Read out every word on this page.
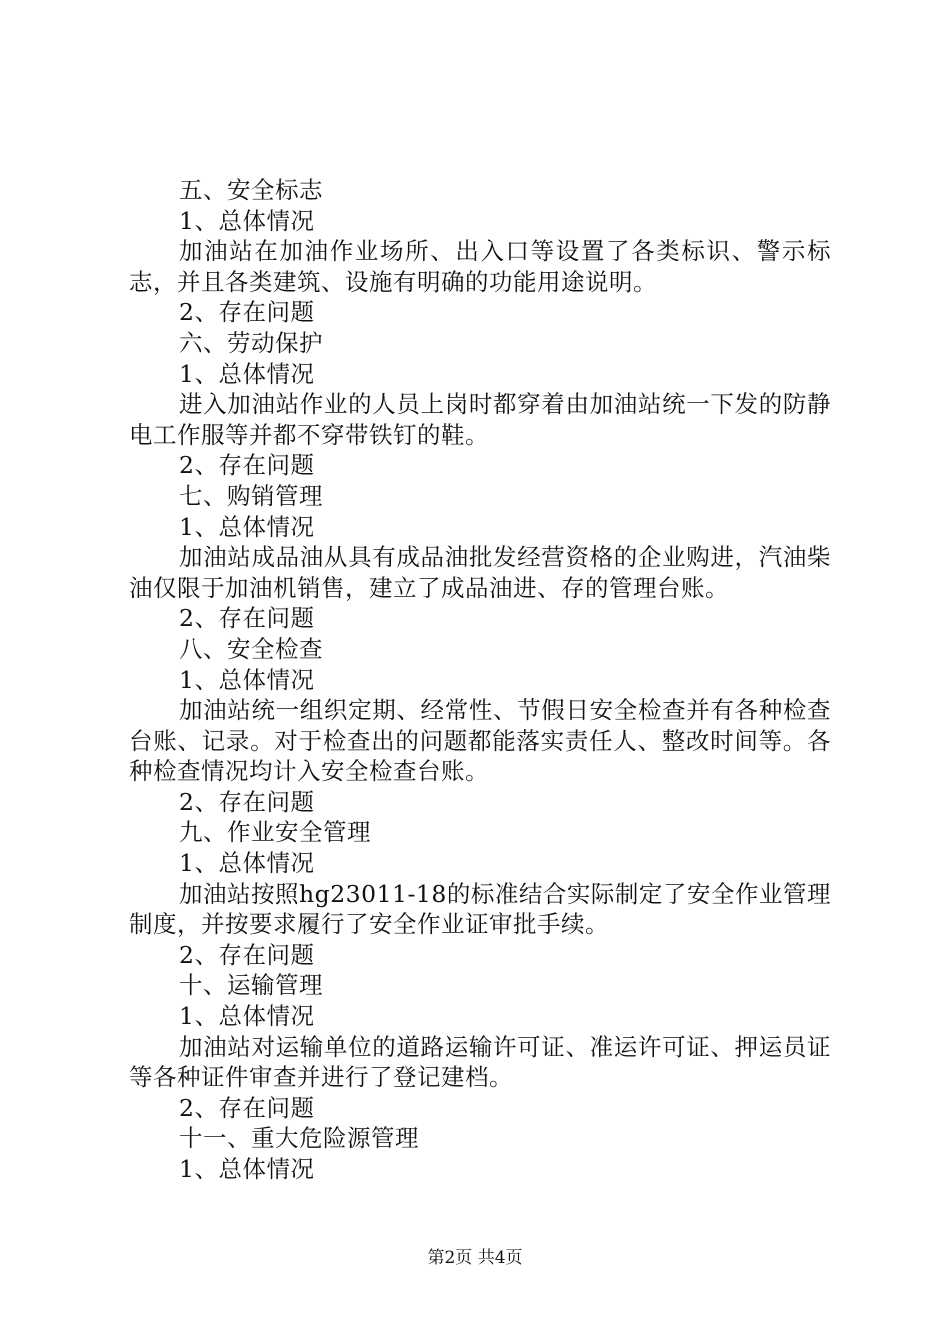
五、安全标志
1、总体情况

加油站在加油作业场所、出入口等设置了各类标识、警示标志，并且各类建筑、设施有明确的功能用途说明。

2、存在问题
六、劳动保护
1、总体情况

进入加油站作业的人员上岗时都穿着由加油站统一下发的防静电工作服等并都不穿带铁钉的鞋。

2、存在问题
七、购销管理
1、总体情况

加油站成品油从具有成品油批发经营资格的企业购进，汽油柴油仅限于加油机销售，建立了成品油进、存的管理台账。

2、存在问题
八、安全检查
1、总体情况

加油站统一组织定期、经常性、节假日安全检查并有各种检查台账、记录。对于检查出的问题都能落实责任人、整改时间等。各种检查情况均计入安全检查台账。

2、存在问题
九、作业安全管理
1、总体情况

加油站按照hg23011-18的标准结合实际制定了安全作业管理制度，并按要求履行了安全作业证审批手续。

2、存在问题
十、运输管理
1、总体情况

加油站对运输单位的道路运输许可证、准运许可证、押运员证等各种证件审查并进行了登记建档。

2、存在问题
十一、重大危险源管理
1、总体情况
第2页 共4页
